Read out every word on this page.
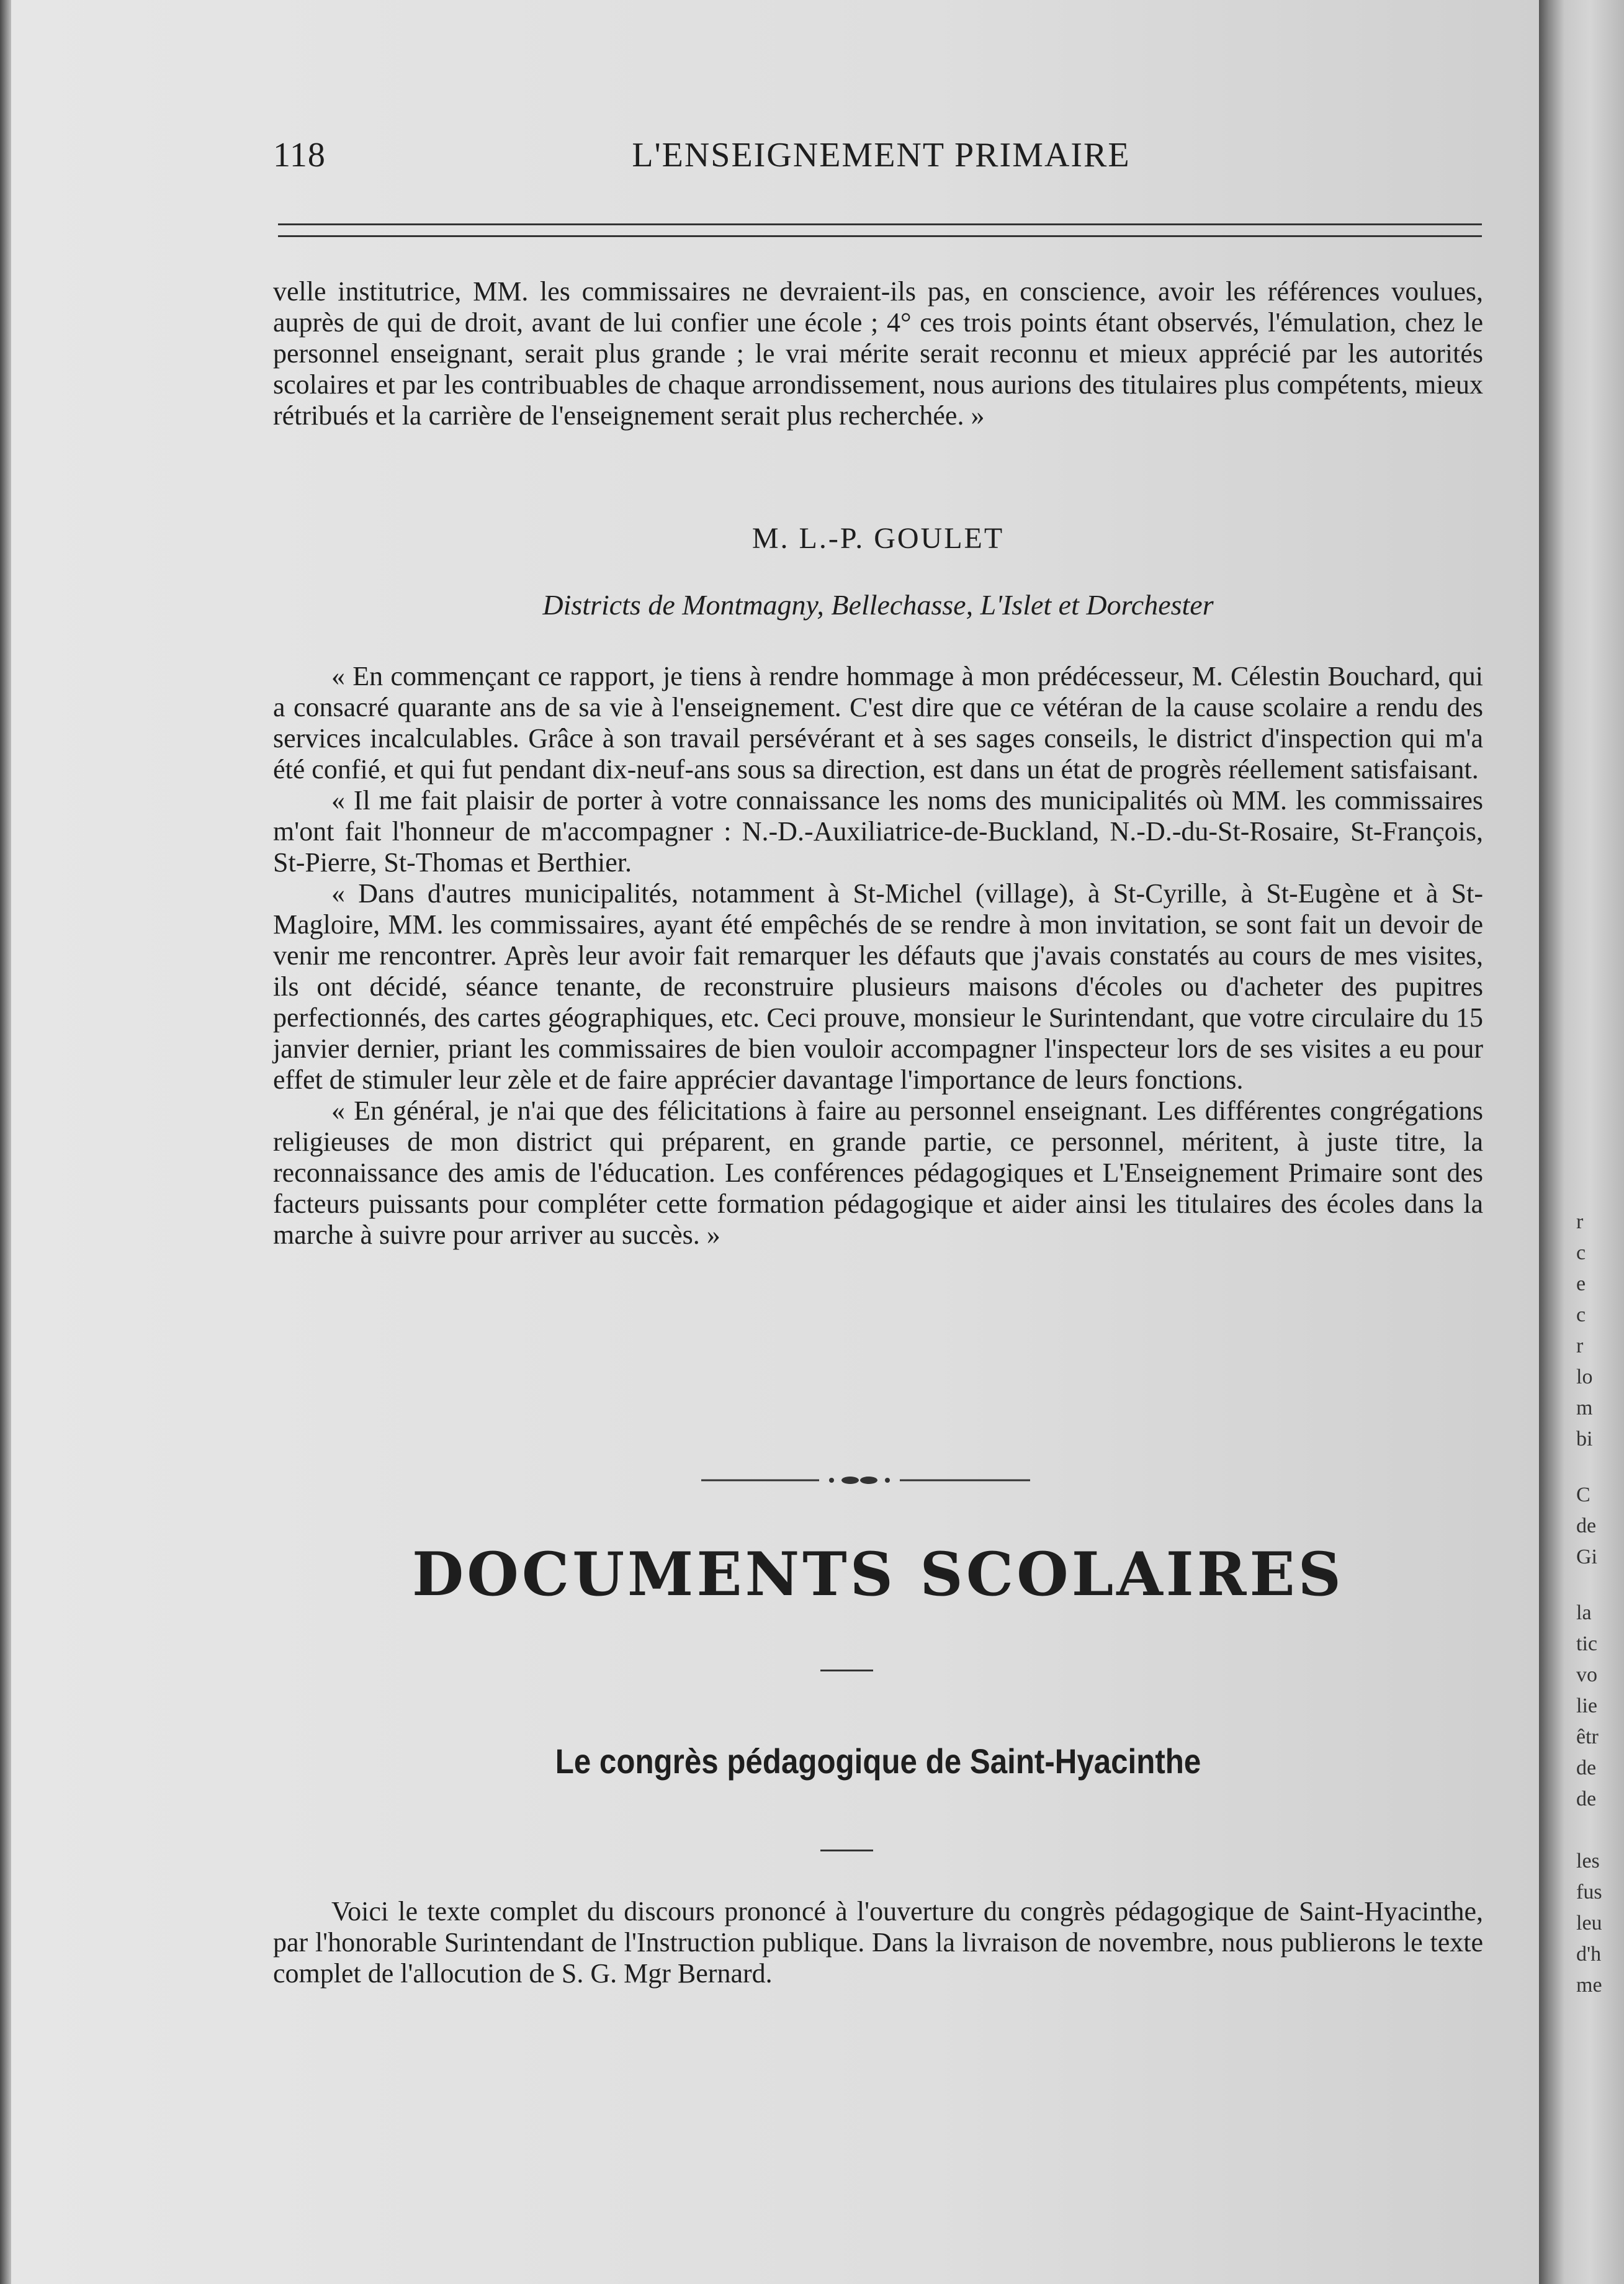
118	L'ENSEIGNEMENT PRIMAIRE

velle institutrice, MM. les commissaires ne devraient-ils pas, en conscience, avoir les références voulues, auprès de qui de droit, avant de lui confier une école ; 4° ces trois points étant observés, l'émulation, chez le personnel enseignant, serait plus grande ; le vrai mérite serait reconnu et mieux apprécié par les autorités scolaires et par les contribuables de chaque arrondissement, nous aurions des titulaires plus compétents, mieux rétribués et la carrière de l'enseignement serait plus recherchée. »

M. L.-P. GOULET
Districts de Montmagny, Bellechasse, L'Islet et Dorchester

« En commençant ce rapport, je tiens à rendre hommage à mon prédécesseur, M. Célestin Bouchard, qui a consacré quarante ans de sa vie à l'enseignement. C'est dire que ce vétéran de la cause scolaire a rendu des services incalculables. Grâce à son travail persévérant et à ses sages conseils, le district d'inspection qui m'a été confié, et qui fut pendant dix-neuf-ans sous sa direction, est dans un état de progrès réellement satisfaisant.

« Il me fait plaisir de porter à votre connaissance les noms des municipalités où MM. les commissaires m'ont fait l'honneur de m'accompagner : N.-D.-Auxiliatrice-de-Buckland, N.-D.-du-St-Rosaire, St-François, St-Pierre, St-Thomas et Berthier.

« Dans d'autres municipalités, notamment à St-Michel (village), à St-Cyrille, à St-Eugène et à St-Magloire, MM. les commissaires, ayant été empêchés de se rendre à mon invitation, se sont fait un devoir de venir me rencontrer. Après leur avoir fait remarquer les défauts que j'avais constatés au cours de mes visites, ils ont décidé, séance tenante, de reconstruire plusieurs maisons d'écoles ou d'acheter des pupitres perfectionnés, des cartes géographiques, etc. Ceci prouve, monsieur le Surintendant, que votre circulaire du 15 janvier dernier, priant les commissaires de bien vouloir accompagner l'inspecteur lors de ses visites a eu pour effet de stimuler leur zèle et de faire apprécier davantage l'importance de leurs fonctions.

« En général, je n'ai que des félicitations à faire au personnel enseignant. Les différentes congrégations religieuses de mon district qui préparent, en grande partie, ce personnel, méritent, à juste titre, la reconnaissance des amis de l'éducation. Les conférences pédagogiques et L'Enseignement Primaire sont des facteurs puissants pour compléter cette formation pédagogique et aider ainsi les titulaires des écoles dans la marche à suivre pour arriver au succès. »

DOCUMENTS SCOLAIRES
Le congrès pédagogique de Saint-Hyacinthe

Voici le texte complet du discours prononcé à l'ouverture du congrès pédagogique de Saint-Hyacinthe, par l'honorable Surintendant de l'Instruction publique. Dans la livraison de novembre, nous publierons le texte complet de l'allocution de S. G. Mgr Bernard.

r
c
e
c
r
lo
m
bi
C
de
Gi
la
tic
vo
lie
êtr
de
de
les
fus
leu
d'h
me
